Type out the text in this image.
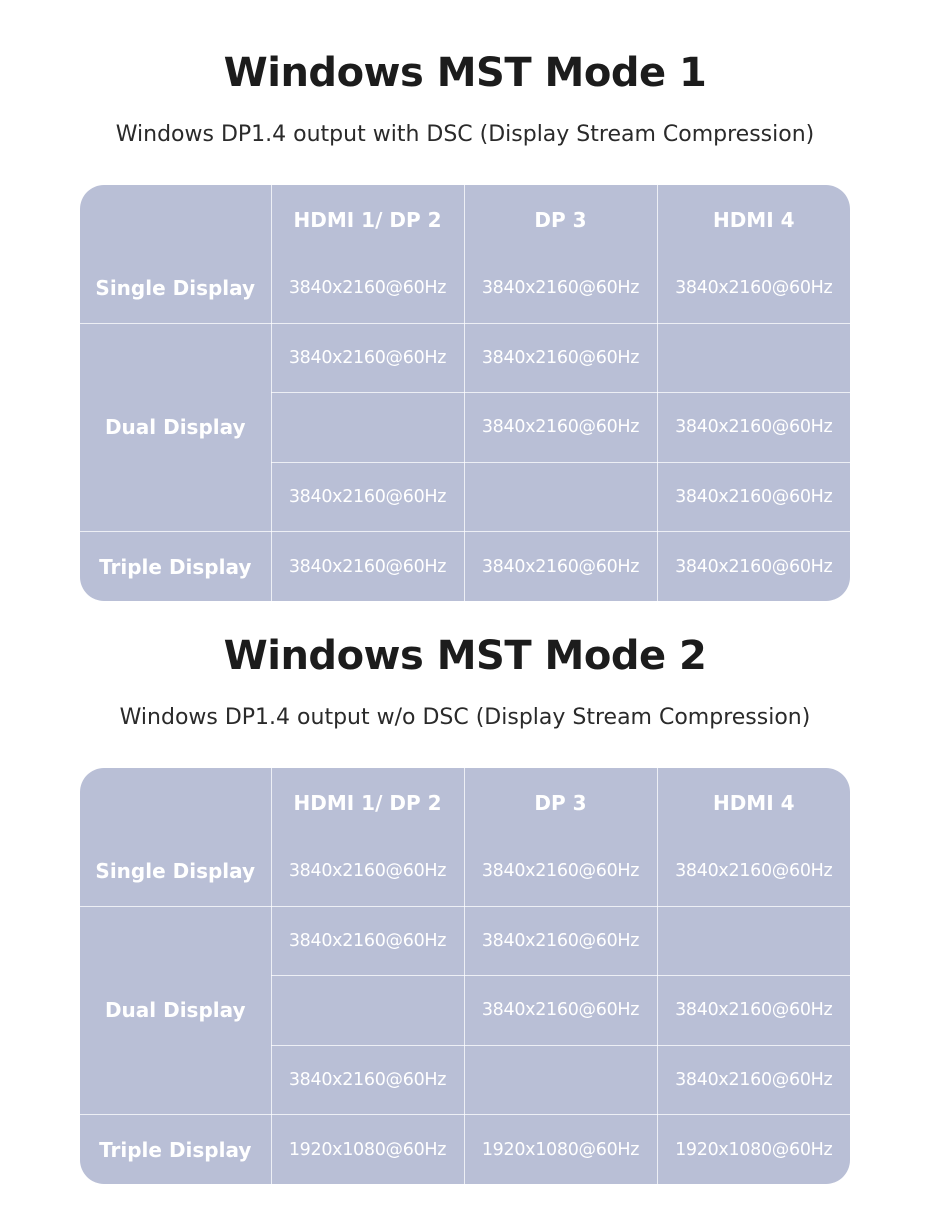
Windows MST Mode 1

Windows DP1.4 output with DSC (Display Stream Compression)

	HDMI 1/ DP 2	DP 3	HDMI 4
Single Display	3840x2160@60Hz	3840x2160@60Hz	3840x2160@60Hz
Dual Display	3840x2160@60Hz	3840x2160@60Hz	
		3840x2160@60Hz	3840x2160@60Hz
	3840x2160@60Hz		3840x2160@60Hz
Triple Display	3840x2160@60Hz	3840x2160@60Hz	3840x2160@60Hz
Windows MST Mode 2

Windows DP1.4 output w/o DSC (Display Stream Compression)

	HDMI 1/ DP 2	DP 3	HDMI 4
Single Display	3840x2160@60Hz	3840x2160@60Hz	3840x2160@60Hz
Dual Display	3840x2160@60Hz	3840x2160@60Hz	
		3840x2160@60Hz	3840x2160@60Hz
	3840x2160@60Hz		3840x2160@60Hz
Triple Display	1920x1080@60Hz	1920x1080@60Hz	1920x1080@60Hz
